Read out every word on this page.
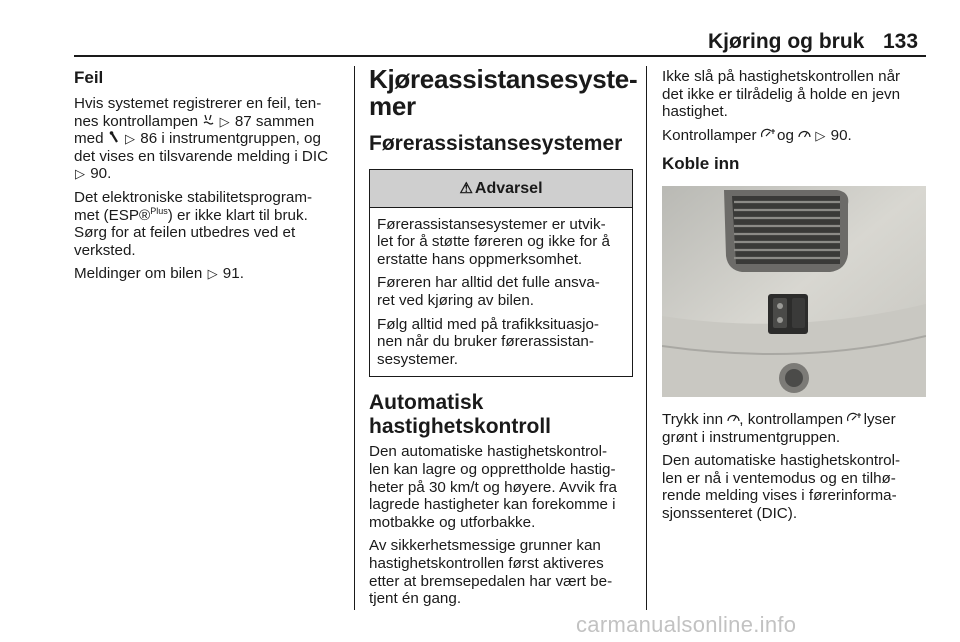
Kjøring og bruk 133
Feil

Hvis systemet registrerer en feil, ten-
nes kontrollampen ▷ 87 sammen
med ▷ 86 i instrumentgruppen, og
det vises en tilsvarende melding i DIC
▷ 90.

Det elektroniske stabilitetsprogram-
met (ESP®$^{Plus}$) er ikke klart til bruk.
Sørg for at feilen utbedres ved et
verksted.

Meldinger om bilen ▷ 91.

Kjøreassistansesyste-
mer
Førerassistansesystemer
⚠ Advarsel

Førerassistansesystemer er utvik-
let for å støtte føreren og ikke for å
erstatte hans oppmerksomhet.

Føreren har alltid det fulle ansva-
ret ved kjøring av bilen.

Følg alltid med på trafikksituasjo-
nen når du bruker førerassistan-
sesystemer.

Automatisk
hastighetskontroll

Den automatiske hastighetskontrol-
len kan lagre og opprettholde hastig-
heter på 30 km/t og høyere. Avvik fra
lagrede hastigheter kan forekomme i
motbakke og utforbakke.

Av sikkerhetsmessige grunner kan
hastighetskontrollen først aktiveres
etter at bremsepedalen har vært be-
tjent én gang.

Ikke slå på hastighetskontrollen når
det ikke er tilrådelig å holde en jevn
hastighet.

Kontrollamper og ▷ 90.

Koble inn

Trykk inn , kontrollampen lyser
grønt i instrumentgruppen.

Den automatiske hastighetskontrol-
len er nå i ventemodus og en tilhø-
rende melding vises i førerinforma-
sjonssenteret (DIC).

carmanualsonline.info
